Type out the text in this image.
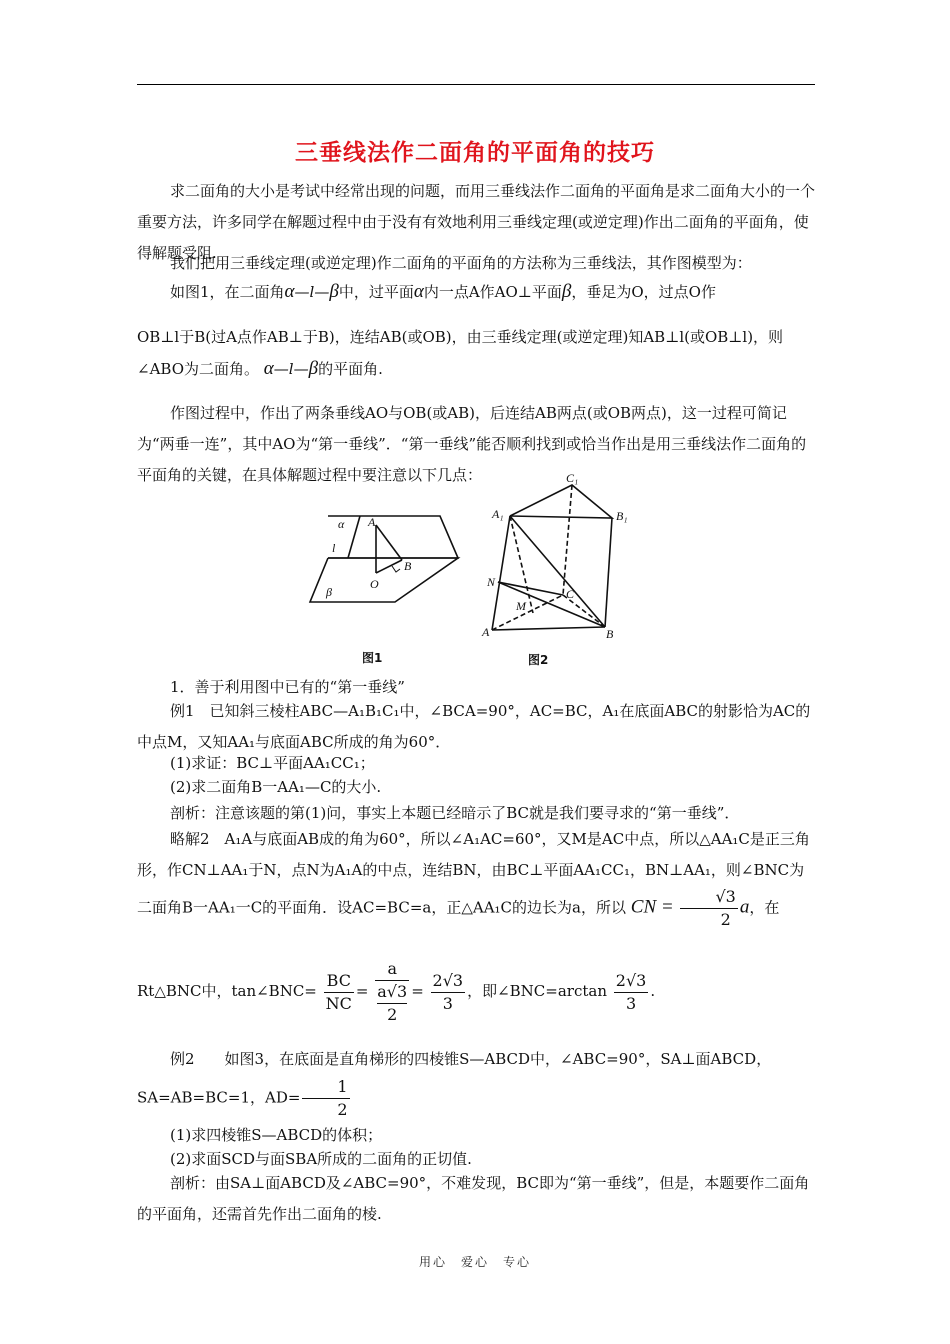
三垂线法作二面角的平面角的技巧

求二面角的大小是考试中经常出现的问题，而用三垂线法作二面角的平面角是求二面角大小的一个重要方法，许多同学在解题过程中由于没有有效地利用三垂线定理(或逆定理)作出二面角的平面角，使得解题受阻.

我们把用三垂线定理(或逆定理)作二面角的平面角的方法称为三垂线法，其作图模型为：

如图1，在二面角α—l—β中，过平面α内一点A作AO⊥平面β，垂足为O，过点O作

OB⊥l于B(过A点作AB⊥于B)，连结AB(或OB)，由三垂线定理(或逆定理)知AB⊥l(或OB⊥l)，则∠ABO为二面角。 α—l—β的平面角.

作图过程中，作出了两条垂线AO与OB(或AB)，后连结AB两点(或OB两点)，这一过程可简记为“两垂一连”，其中AO为“第一垂线”．“第一垂线”能否顺利找到或恰当作出是用三垂线法作二面角的平面角的关键，在具体解题过程中要注意以下几点：

α
l
A
O
B
β
图1
C₁
A₁	B₁
N
M
C
A	B
图2

1．善于利用图中已有的“第一垂线”

例1　已知斜三棱柱ABC—A₁B₁C₁中，∠BCA=90°，AC=BC，A₁在底面ABC的射影恰为AC的中点M，又知AA₁与底面ABC所成的角为60°．

(1)求证：BC⊥平面AA₁CC₁；

(2)求二面角B一AA₁—C的大小.

剖析：注意该题的第(1)问，事实上本题已经暗示了BC就是我们要寻求的“第一垂线”．

略解2　A₁A与底面AB成的角为60°，所以∠A₁AC=60°，又M是AC中点，所以△AA₁C是正三角形，作CN⊥AA₁于N，点N为A₁A的中点，连结BN，由BC⊥平面AA₁CC₁，BN⊥AA₁，则∠BNC为二面角B一AA₁一C的平面角．设AC=BC=a，正△AA₁C的边长为a，所以 CN = $\frac{√3}{2}$ a，在

Rt△BNC中，tan∠BNC= $\frac{BC}{NC} = a$
a√3
$2 = \frac{2√3}{3}$ ，即∠BNC=arctan $\frac{2√3}{3}$ .

例2　　如图3，在底面是直角梯形的四棱锥S—ABCD中，∠ABC=90°，SA⊥面ABCD，SA=AB=BC=1，$AD= \frac{1}{2}$

(1)求四棱锥S—ABCD的体积；

(2)求面SCD与面SBA所成的二面角的正切值.

剖析：由SA⊥面ABCD及∠ABC=90°，不难发现，BC即为“第一垂线”，但是，本题要作二面角的平面角，还需首先作出二面角的棱.

用心　爱心　专心
